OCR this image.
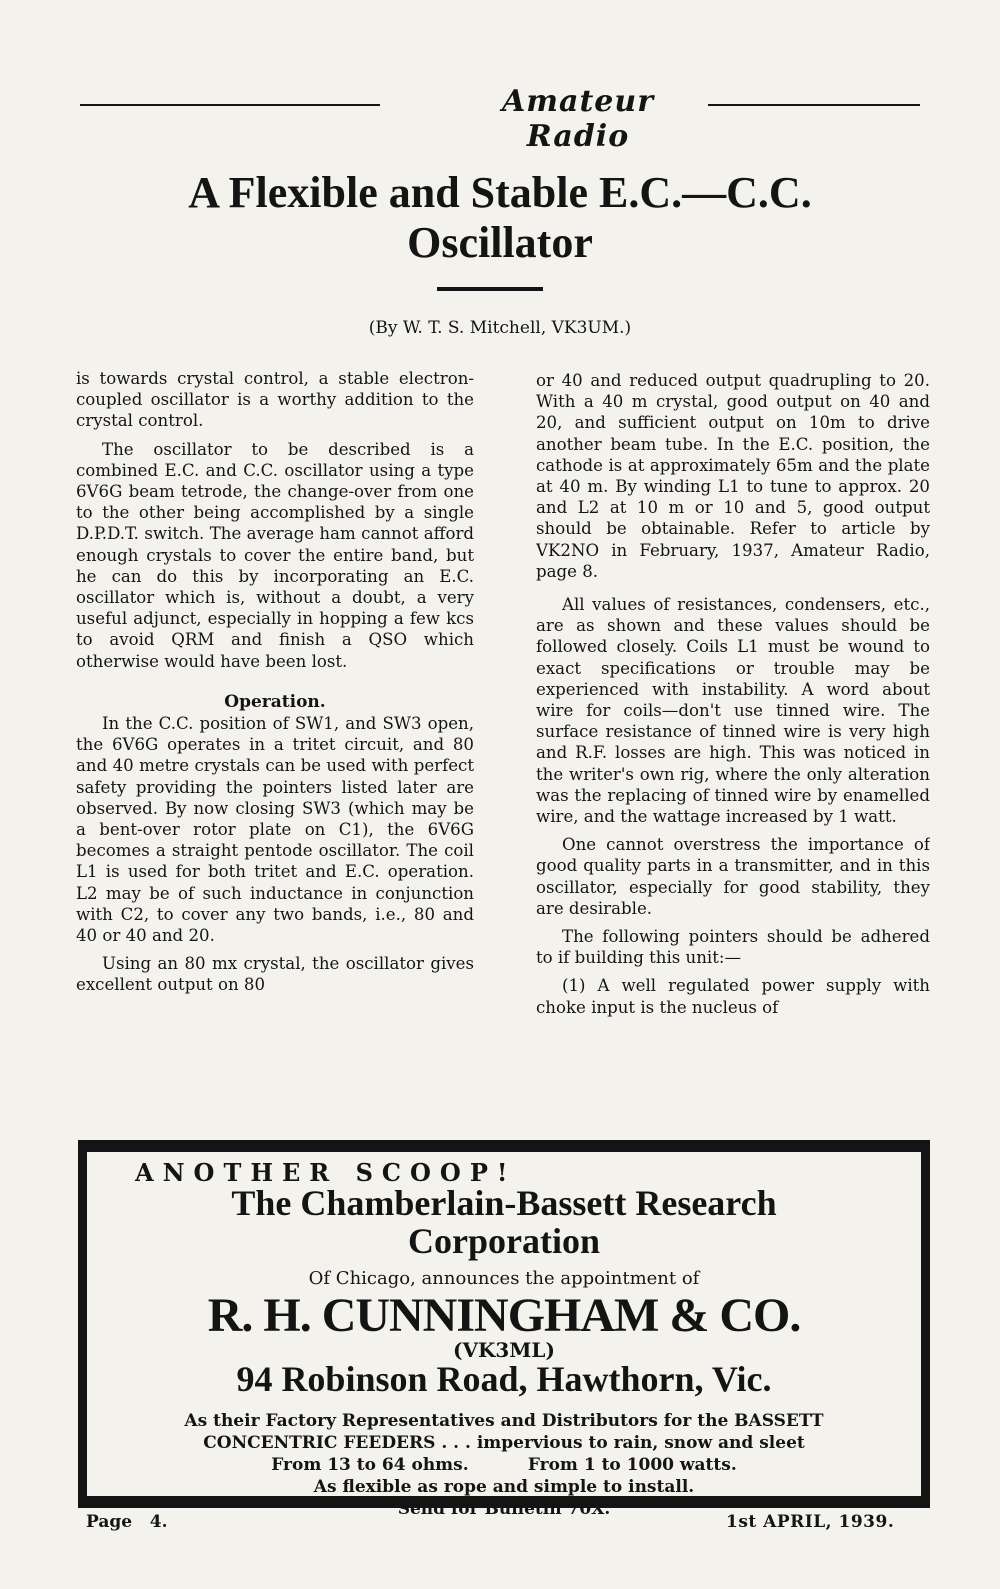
Amateur Radio
A Flexible and Stable E.C.—C.C.
Oscillator
(By W. T. S. Mitchell, VK3UM.)

is towards crystal control, a stable electron-coupled oscillator is a worthy addition to the crystal control.

The oscillator to be described is a combined E.C. and C.C. oscillator using a type 6V6G beam tetrode, the change-over from one to the other being accomplished by a single D.P.D.T. switch. The average ham cannot afford enough crystals to cover the entire band, but he can do this by incorporating an E.C. oscillator which is, without a doubt, a very useful adjunct, especially in hopping a few kcs to avoid QRM and finish a QSO which otherwise would have been lost.

Operation.

In the C.C. position of SW1, and SW3 open, the 6V6G operates in a tritet circuit, and 80 and 40 metre crystals can be used with perfect safety providing the pointers listed later are observed. By now closing SW3 (which may be a bent-over rotor plate on C1), the 6V6G becomes a straight pentode oscillator. The coil L1 is used for both tritet and E.C. operation. L2 may be of such inductance in conjunction with C2, to cover any two bands, i.e., 80 and 40 or 40 and 20.

Using an 80 mx crystal, the oscillator gives excellent output on 80

or 40 and reduced output quadrupling to 20. With a 40 m crystal, good output on 40 and 20, and sufficient output on 10m to drive another beam tube. In the E.C. position, the cathode is at approximately 65m and the plate at 40 m. By winding L1 to tune to approx. 20 and L2 at 10 m or 10 and 5, good output should be obtainable. Refer to article by VK2NO in February, 1937, Amateur Radio, page 8.

All values of resistances, condensers, etc., are as shown and these values should be followed closely. Coils L1 must be wound to exact specifications or trouble may be experienced with instability. A word about wire for coils—don't use tinned wire. The surface resistance of tinned wire is very high and R.F. losses are high. This was noticed in the writer's own rig, where the only alteration was the replacing of tinned wire by enamelled wire, and the wattage increased by 1 watt.

One cannot overstress the importance of good quality parts in a transmitter, and in this oscillator, especially for good stability, they are desirable.

The following pointers should be adhered to if building this unit:—

(1) A well regulated power supply with choke input is the nucleus of

ANOTHER SCOOP!
The Chamberlain-Bassett Research
Corporation
Of Chicago, announces the appointment of
R. H. CUNNINGHAM & CO.
(VK3ML)
94 Robinson Road, Hawthorn, Vic.
As their Factory Representatives and Distributors for the BASSETT
CONCENTRIC FEEDERS . . . impervious to rain, snow and sleet
From 13 to 64 ohms.          From 1 to 1000 watts.
As flexible as rope and simple to install.
Send for Bulletin 70X.
Page   4.	1st APRIL, 1939.
